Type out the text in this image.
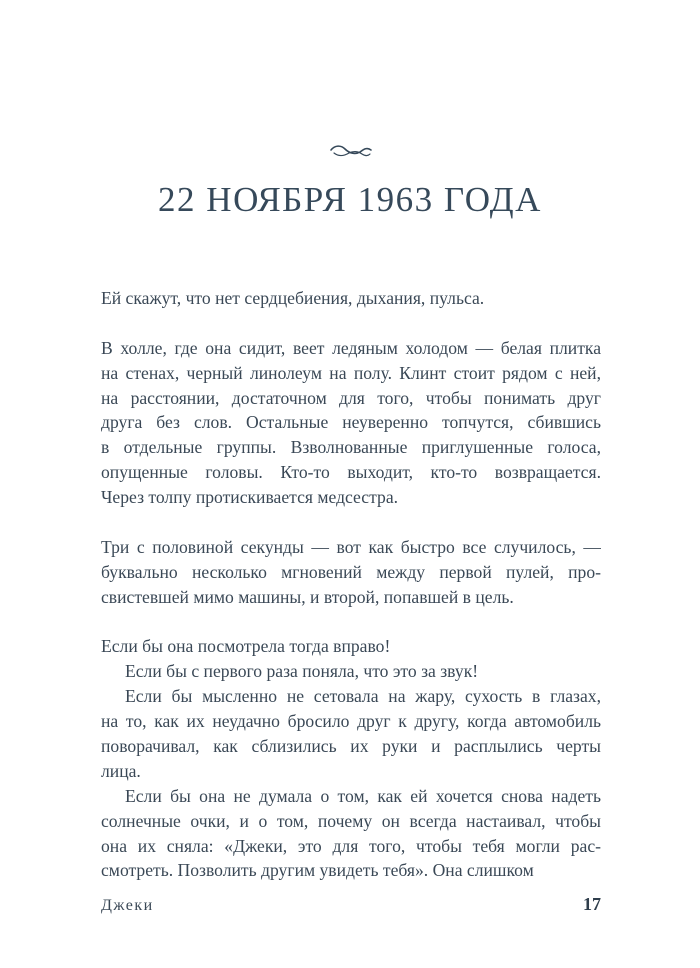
22 НОЯБРЯ 1963 ГОДА
Ей скажут, что нет сердцебиения, дыхания, пульса.
В холле, где она сидит, веет ледяным холодом — белая плитка
на стенах, черный линолеум на полу. Клинт стоит рядом с ней,
на расстоянии, достаточном для того, чтобы понимать друг
друга без слов. Остальные неуверенно топчутся, сбившись
в отдельные группы. Взволнованные приглушенные голоса,
опущенные головы. Кто-то выходит, кто-то возвращается.
Через толпу протискивается медсестра.
Три с половиной секунды — вот как быстро все случилось, —
буквально несколько мгновений между первой пулей, про-
свистевшей мимо машины, и второй, попавшей в цель.
Если бы она посмотрела тогда вправо!
Если бы с первого раза поняла, что это за звук!
Если бы мысленно не сетовала на жару, сухость в глазах,
на то, как их неудачно бросило друг к другу, когда автомобиль
поворачивал, как сблизились их руки и расплылись черты
лица.
Если бы она не думала о том, как ей хочется снова надеть
солнечные очки, и о том, почему он всегда настаивал, чтобы
она их сняла: «Джеки, это для того, чтобы тебя могли рас-
смотреть. Позволить другим увидеть тебя». Она слишком
Джеки	17
